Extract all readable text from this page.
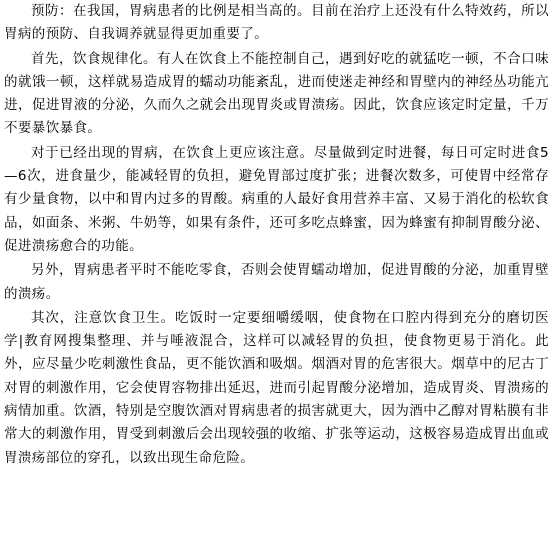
预防：在我国，胃病患者的比例是相当高的。目前在治疗上还没有什么特效药，所以胃病的预防、自我调养就显得更加重要了。

首先，饮食规律化。有人在饮食上不能控制自己，遇到好吃的就猛吃一顿，不合口味的就饿一顿，这样就易造成胃的蠕动功能紊乱，进而使迷走神经和胃壁内的神经丛功能亢进，促进胃液的分泌，久而久之就会出现胃炎或胃溃疡。因此，饮食应该定时定量，千万不要暴饮暴食。

对于已经出现的胃病，在饮食上更应该注意。尽量做到定时进餐，每日可定时进食5—6次，进食量少，能减轻胃的负担，避免胃部过度扩张；进餐次数多，可使胃中经常存有少量食物，以中和胃内过多的胃酸。病重的人最好食用营养丰富、又易于消化的松软食品，如面条、米粥、牛奶等，如果有条件，还可多吃点蜂蜜，因为蜂蜜有抑制胃酸分泌、促进溃疡愈合的功能。

另外，胃病患者平时不能吃零食，否则会使胃蠕动增加，促进胃酸的分泌，加重胃壁的溃疡。

其次，注意饮食卫生。吃饭时一定要细嚼缓咽，使食物在口腔内得到充分的磨切医学|教育网搜集整理、并与唾液混合，这样可以减轻胃的负担，使食物更易于消化。此外，应尽量少吃刺激性食品，更不能饮酒和吸烟。烟酒对胃的危害很大。烟草中的尼古丁对胃的刺激作用，它会使胃容物排出延迟，进而引起胃酸分泌增加，造成胃炎、胃溃疡的病情加重。饮酒，特别是空腹饮酒对胃病患者的损害就更大，因为酒中乙醇对胃粘膜有非常大的刺激作用，胃受到刺激后会出现较强的收缩、扩张等运动，这极容易造成胃出血或胃溃疡部位的穿孔，以致出现生命危险。
